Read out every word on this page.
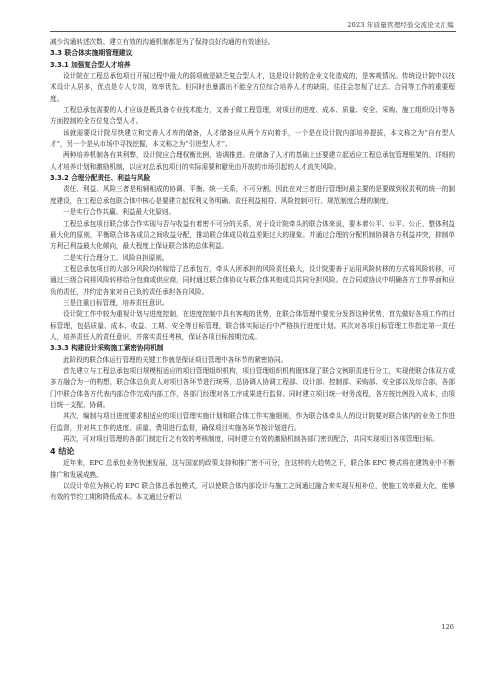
2023 年质量管理经验交流论文汇编

减少沟通转述次数、建立有效的沟通机制都是为了保持良好沟通的有效途径。

3.3 联合体实施期管理建议
3.3.1 加强复合型人才培养

设计院在工程总承包项目开展过程中最大的弱项就是缺乏复合型人才，这是设计院的企业文化造成的，是客观情况。传统设计院中以技术设计人居多，优点是专人专岗，效率优先。但同时也暴露出不能全方位综合培养人才的缺陷，往往会忽视了过去、合同等工作的重要程度。

工程总承包需要的人才应该是既具备专业技术能力，又善于做工程管理，对项目的进度、成本、质量、安全、采购、施工组织设计等各方面控制的全方位复合型人才。

该就需要设计院尽快建立和完善人才库的储备，人才储备应从两个方向着手，一个是在设计院内部培养提拔，本文称之为“自有型人才”，另一个是从市场中寻找挖掘，本文称之为“引进型人才”。

两种培养机制各有其利弊，设计院应合理权衡比例，协调推进。在储备了人才的基础上还要建立起适应工程总承包管理框架的、详细的人才培养计划和激励机制，以应对总承包项目的实际需要和避免由开放的市场引起的人才流失风险。

3.3.2 合理分配责任、利益与风险

责任、利益、风险三者是相辅相成的协调、平衡、统一关系，不可分割。因此在对三者进行管理时最主要的是要做到权责利的统一的制度建设，在工程总承包联合体中核心是要建立起权利义务明确、责任利益相符、风险控制可行、规范制度合理的制度。

一是实行合作共赢、利益最大化原则。

工程总承包项目联合体合作实现与否与收益有着密不可分的关系，对于设计院牵头的联合体来说，要本着公平、公平、公正、整体利益最大化的原则，平衡联合体各成员之间收益分配，推动联合体成员收益差距过大的现象。并通过合理的分配机制协调各方利益冲突，抑制单方利己利益最大化倾向，最大程度上保证联合体的总体利益。

二是实行合理分工、风险自担原则。

工程总承包项目的大部分风险均转嫁给了总承包方，牵头人所承担的风险责任最大，设计院要善于运用风险转移的方式将风险转移，可通过三级合同将风险转移给分包商或供应商，同时通过联合体协议与联合体其他成员共同分担风险。在合同或协议中明确各方工作界面和应负的责任，并约定各家对自己负的责任承担各自风险。

三是注重目标管理，培养责任意识。

设计院工作中较为重视计划与进度控制，在进度控制中具有客观的优势，在联合体管理中要充分发挥这种优势，首先做好各项工作的目标管理，包括质量、成本、收益、工期、安全等目标管理，联合体实际运行中严格执行进度计划。其次对各项目标管理工作指定第一责任人，培养责任人的责任意识，并落实责任考核，保证各项目标按期完成。

3.3.3 构建设计采购施工紧密协同机制

此阶段的联合体运行管理的关键工作就是保证项目管理中各环节的紧密协同。

首先建立与工程总承包项目规模相适应的项目管理组织机构，项目管理组织机构既体现了联合文例职责进行分工，实现使联合体双方或多方融合为一的构想，联合体总负责人对项目各环节进行统筹，总协调人协调工程部、设计部、控制部、采购部、安全部以及综合部，各部门中联合体各方代表内部合作完成内部工作，各部门经理对各工序成果进行监督。同时建立项目统一财务流程，各方按比例投入成本，由项目统一支配、协调。

其次，编制与项目进度要求相适应的项目管理实施计划和联合体工作实施细则，作为联合体牵头人的设计院要对联合体内的业务工作进行监督，并对其工作的进度、质量、费用进行监督，确保项目实施各环节按计划进行。

再次，可对项目管理的各部门制定行之有效的考核制度，同时建立有效的激励机制各部门密切配合，共同实现项目各项管理目标。

4 结论

近年来，EPC 总承包业务快速发展，这与国家的政策支持和推广密不可分，在这样的大趋势之下，联合体 EPC 模式将在建筑业中不断推广和发展成熟。

以设计单位为核心的 EPC 联合体总承包模式，可以使联合体内部设计与施工之间通过融合来实现互相补位，使施工效率最大化，能够有效的节约工期和降低成本。本文通过分析以

126
